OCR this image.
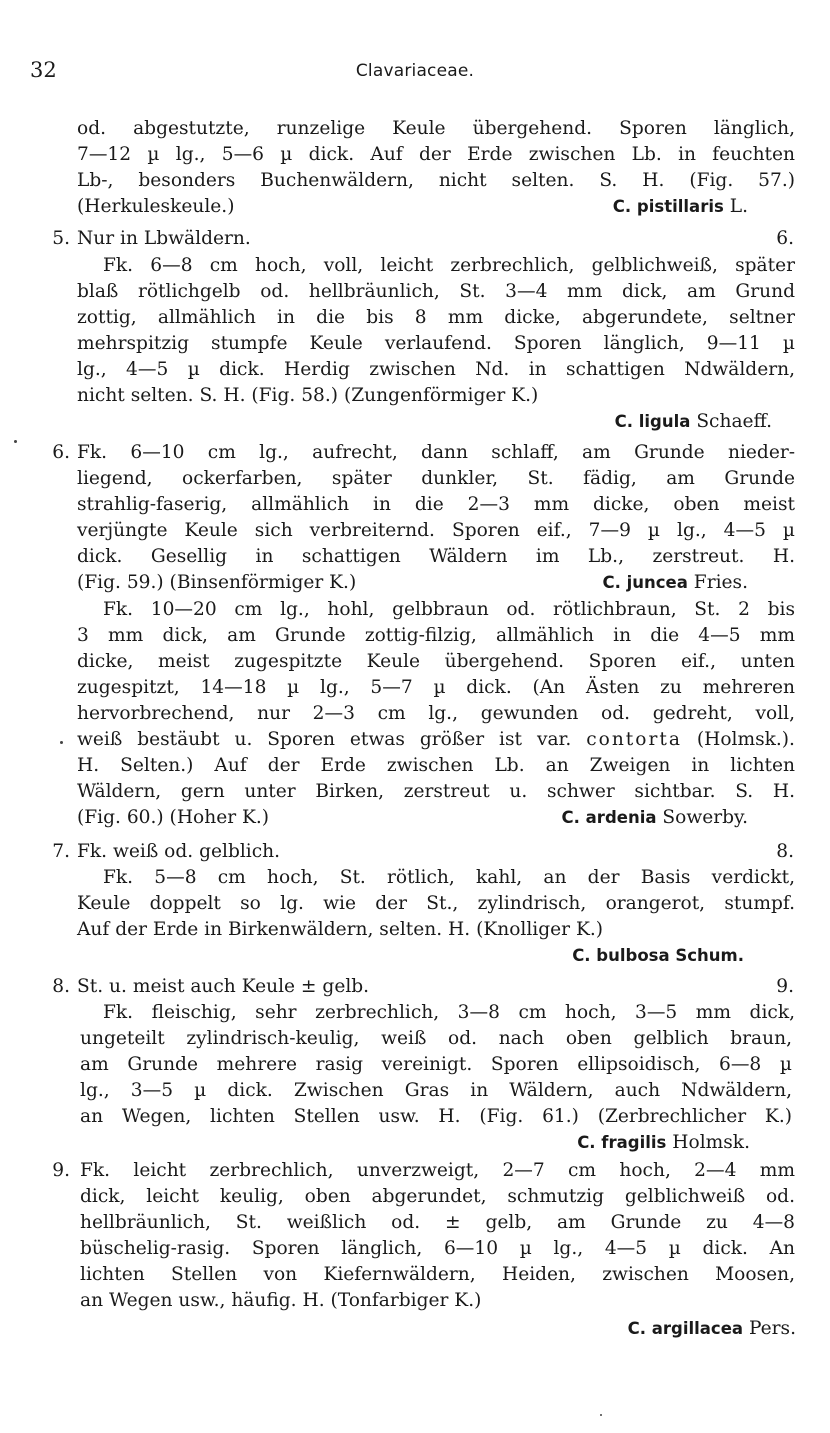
32	Clavariaceae.
od. abgestutzte, runzelige Keule übergehend. Sporen länglich,
7—12 µ lg., 5—6 µ dick. Auf der Erde zwischen Lb. in feuchten
Lb-, besonders Buchenwäldern, nicht selten. S. H. (Fig. 57.)
(Herkuleskeule.)	C. pistillaris L.
5. Nur in Lbwäldern.	6.
Fk. 6—8 cm hoch, voll, leicht zerbrechlich, gelblichweiß, später
blaß rötlichgelb od. hellbräunlich, St. 3—4 mm dick, am Grund
zottig, allmählich in die bis 8 mm dicke, abgerundete, seltner
mehrspitzig stumpfe Keule verlaufend. Sporen länglich, 9—11 µ
lg., 4—5 µ dick. Herdig zwischen Nd. in schattigen Ndwäldern,
nicht selten. S. H. (Fig. 58.) (Zungenförmiger K.)
C. ligula Schaeff.
6. Fk. 6—10 cm lg., aufrecht, dann schlaff, am Grunde nieder-
liegend, ockerfarben, später dunkler, St. fädig, am Grunde
strahlig-faserig, allmählich in die 2—3 mm dicke, oben meist
verjüngte Keule sich verbreiternd. Sporen eif., 7—9 µ lg., 4—5 µ
dick. Gesellig in schattigen Wäldern im Lb., zerstreut. H.
(Fig. 59.) (Binsenförmiger K.)	C. juncea Fries.
Fk. 10—20 cm lg., hohl, gelbbraun od. rötlichbraun, St. 2 bis
3 mm dick, am Grunde zottig-filzig, allmählich in die 4—5 mm
dicke, meist zugespitzte Keule übergehend. Sporen eif., unten
zugespitzt, 14—18 µ lg., 5—7 µ dick. (An Ästen zu mehreren
hervorbrechend, nur 2—3 cm lg., gewunden od. gedreht, voll,
weiß bestäubt u. Sporen etwas größer ist var. contorta (Holmsk.).
H. Selten.) Auf der Erde zwischen Lb. an Zweigen in lichten
Wäldern, gern unter Birken, zerstreut u. schwer sichtbar. S. H.
(Fig. 60.) (Hoher K.)	C. ardenia Sowerby.
7. Fk. weiß od. gelblich.	8.
Fk. 5—8 cm hoch, St. rötlich, kahl, an der Basis verdickt,
Keule doppelt so lg. wie der St., zylindrisch, orangerot, stumpf.
Auf der Erde in Birkenwäldern, selten. H. (Knolliger K.)
C. bulbosa Schum.
8. St. u. meist auch Keule ± gelb.	9.
Fk. fleischig, sehr zerbrechlich, 3—8 cm hoch, 3—5 mm dick,
ungeteilt zylindrisch-keulig, weiß od. nach oben gelblich braun,
am Grunde mehrere rasig vereinigt. Sporen ellipsoidisch, 6—8 µ
lg., 3—5 µ dick. Zwischen Gras in Wäldern, auch Ndwäldern,
an Wegen, lichten Stellen usw. H. (Fig. 61.) (Zerbrechlicher K.)
C. fragilis Holmsk.
9. Fk. leicht zerbrechlich, unverzweigt, 2—7 cm hoch, 2—4 mm
dick, leicht keulig, oben abgerundet, schmutzig gelblichweiß od.
hellbräunlich, St. weißlich od. ± gelb, am Grunde zu 4—8
büschelig-rasig. Sporen länglich, 6—10 µ lg., 4—5 µ dick. An
lichten Stellen von Kiefernwäldern, Heiden, zwischen Moosen,
an Wegen usw., häufig. H. (Tonfarbiger K.)
C. argillacea Pers.
